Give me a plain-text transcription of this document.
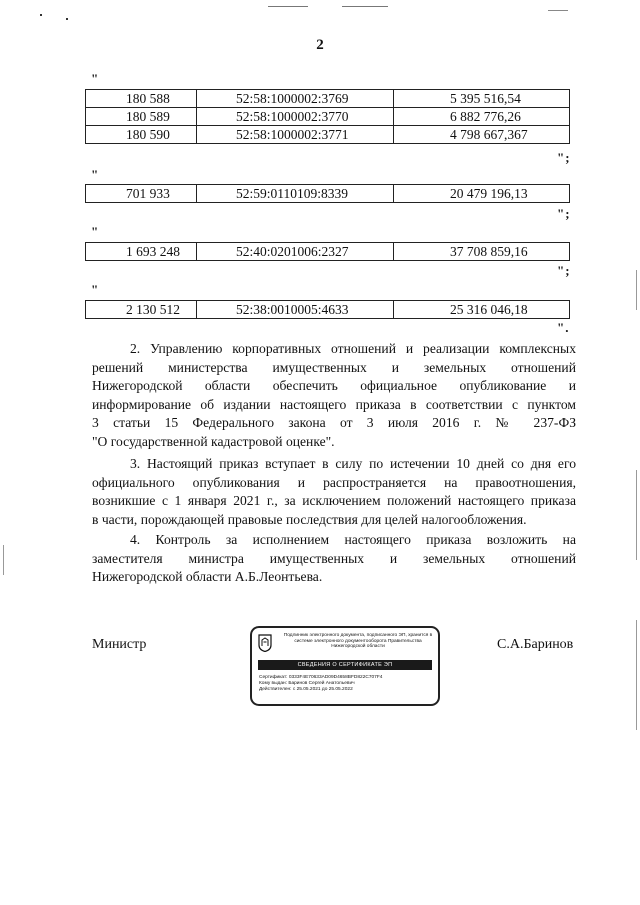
2
"
180 588	52:58:1000002:3769	5 395 516,54
180 589	52:58:1000002:3770	6 882 776,26
180 590	52:58:1000002:3771	4 798 667,367
";
"
701 933	52:59:0110109:8339	20 479 196,13
";
"
1 693 248	52:40:0201006:2327	37 708 859,16
";
"
2 130 512	52:38:0010005:4633	25 316 046,18
".
2. Управлению корпоративных отношений и реализации комплексных
решений министерства имущественных и земельных отношений
Нижегородской области обеспечить официальное опубликование и
информирование об издании настоящего приказа в соответствии с пунктом
3 статьи 15 Федерального закона от 3 июля 2016 г. № 237-ФЗ
"О государственной кадастровой оценке".
3. Настоящий приказ вступает в силу по истечении 10 дней со дня его
официального опубликования и распространяется на правоотношения,
возникшие с 1 января 2021 г., за исключением положений настоящего приказа
в части, порождающей правовые последствия для целей налогообложения.
4. Контроль за исполнением настоящего приказа возложить на
заместителя министра имущественных и земельных отношений
Нижегородской области А.Б.Леонтьева.
Министр	С.А.Баринов
Подлинник электронного документа, подписанного ЭП, хранится в системе электронного документооборота Правительства Нижегородской области
СВЕДЕНИЯ О СЕРТИФИКАТЕ ЭП
Сертификат: 0333F4E70633AD09D4658BFD822C707F4
Кому выдан: Баринов Сергей Анатольевич
Действителен: с 25.05.2021 до 25.05.2022
